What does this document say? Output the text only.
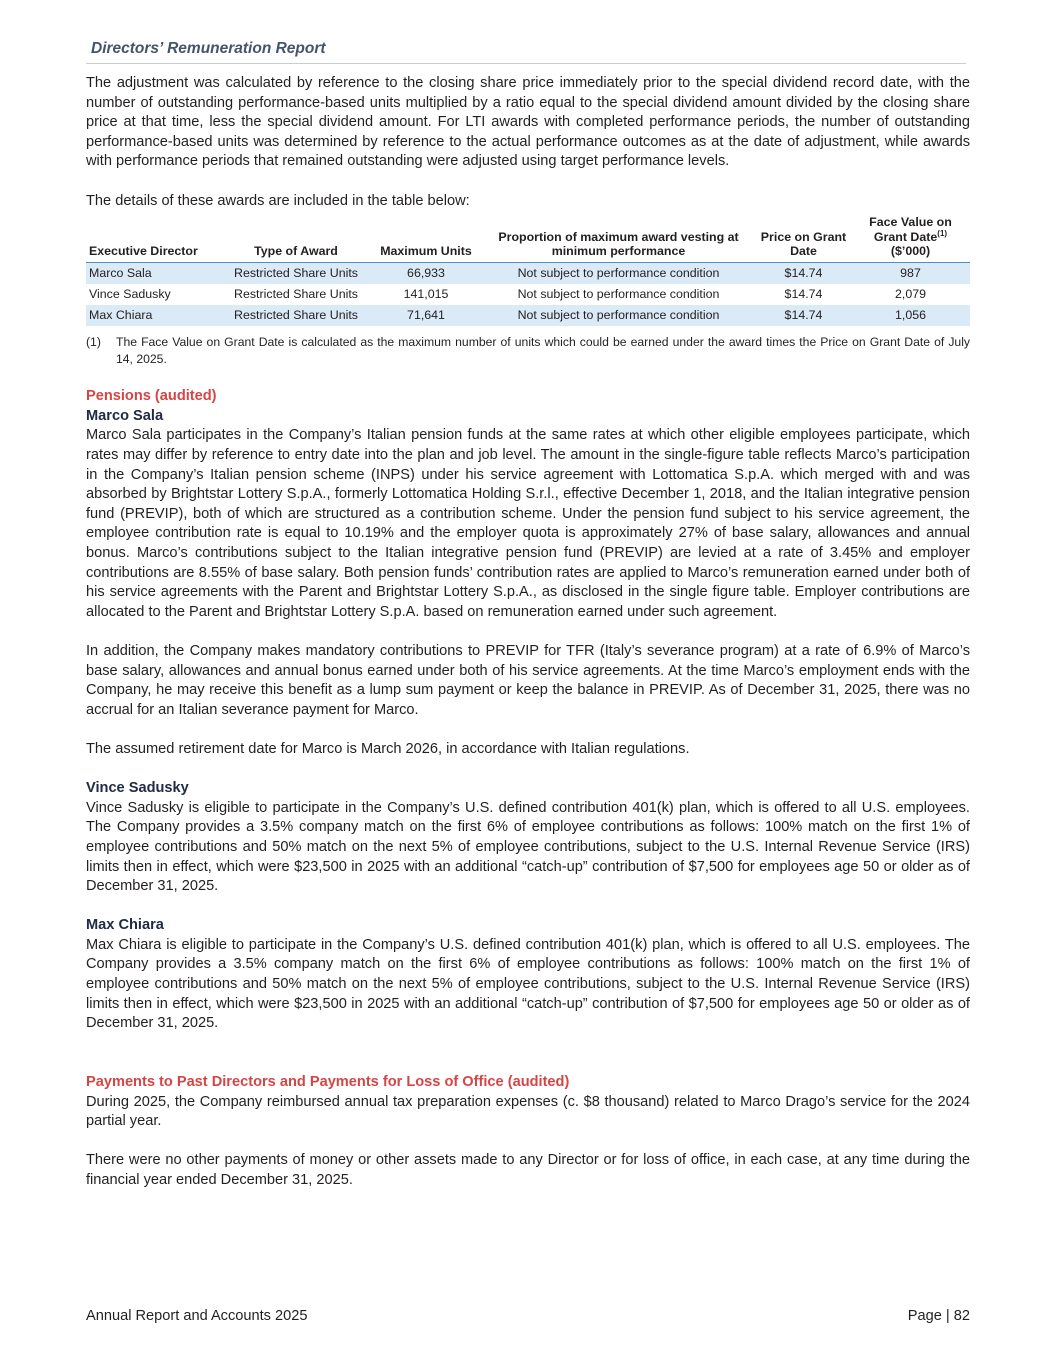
Directors’ Remuneration Report

The adjustment was calculated by reference to the closing share price immediately prior to the special dividend record date, with the number of outstanding performance-based units multiplied by a ratio equal to the special dividend amount divided by the closing share price at that time, less the special dividend amount. For LTI awards with completed performance periods, the number of outstanding performance-based units was determined by reference to the actual performance outcomes as at the date of adjustment, while awards with performance periods that remained outstanding were adjusted using target performance levels.

The details of these awards are included in the table below:

Executive Director	Type of Award	Maximum Units	Proportion of maximum award vesting at minimum performance	Price on Grant Date	Face Value on Grant Date$^{(1)}$
($’000)
Marco Sala	Restricted Share Units	66,933	Not subject to performance condition	$14.74	987
Vince Sadusky	Restricted Share Units	141,015	Not subject to performance condition	$14.74	2,079
Max Chiara	Restricted Share Units	71,641	Not subject to performance condition	$14.74	1,056
(1)	The Face Value on Grant Date is calculated as the maximum number of units which could be earned under the award times the Price on Grant Date of July 14, 2025.
Pensions (audited)
Marco Sala

Marco Sala participates in the Company’s Italian pension funds at the same rates at which other eligible employees participate, which rates may differ by reference to entry date into the plan and job level. The amount in the single-figure table reflects Marco’s participation in the Company’s Italian pension scheme (INPS) under his service agreement with Lottomatica S.p.A. which merged with and was absorbed by Brightstar Lottery S.p.A., formerly Lottomatica Holding S.r.l., effective December 1, 2018, and the Italian integrative pension fund (PREVIP), both of which are structured as a contribution scheme. Under the pension fund subject to his service agreement, the employee contribution rate is equal to 10.19% and the employer quota is approximately 27% of base salary, allowances and annual bonus. Marco’s contributions subject to the Italian integrative pension fund (PREVIP) are levied at a rate of 3.45% and employer contributions are 8.55% of base salary. Both pension funds’ contribution rates are applied to Marco’s remuneration earned under both of his service agreements with the Parent and Brightstar Lottery S.p.A., as disclosed in the single figure table. Employer contributions are allocated to the Parent and Brightstar Lottery S.p.A. based on remuneration earned under such agreement.

In addition, the Company makes mandatory contributions to PREVIP for TFR (Italy’s severance program) at a rate of 6.9% of Marco’s base salary, allowances and annual bonus earned under both of his service agreements. At the time Marco’s employment ends with the Company, he may receive this benefit as a lump sum payment or keep the balance in PREVIP. As of December 31, 2025, there was no accrual for an Italian severance payment for Marco.

The assumed retirement date for Marco is March 2026, in accordance with Italian regulations.

Vince Sadusky

Vince Sadusky is eligible to participate in the Company’s U.S. defined contribution 401(k) plan, which is offered to all U.S. employees. The Company provides a 3.5% company match on the first 6% of employee contributions as follows: 100% match on the first 1% of employee contributions and 50% match on the next 5% of employee contributions, subject to the U.S. Internal Revenue Service (IRS) limits then in effect, which were $23,500 in 2025 with an additional “catch-up” contribution of $7,500 for employees age 50 or older as of December 31, 2025.

Max Chiara

Max Chiara is eligible to participate in the Company’s U.S. defined contribution 401(k) plan, which is offered to all U.S. employees. The Company provides a 3.5% company match on the first 6% of employee contributions as follows: 100% match on the first 1% of employee contributions and 50% match on the next 5% of employee contributions, subject to the U.S. Internal Revenue Service (IRS) limits then in effect, which were $23,500 in 2025 with an additional “catch-up” contribution of $7,500 for employees age 50 or older as of December 31, 2025.

Payments to Past Directors and Payments for Loss of Office (audited)

During 2025, the Company reimbursed annual tax preparation expenses (c. $8 thousand) related to Marco Drago’s service for the 2024 partial year.

There were no other payments of money or other assets made to any Director or for loss of office, in each case, at any time during the financial year ended December 31, 2025.

Annual Report and Accounts 2025	Page | 82
